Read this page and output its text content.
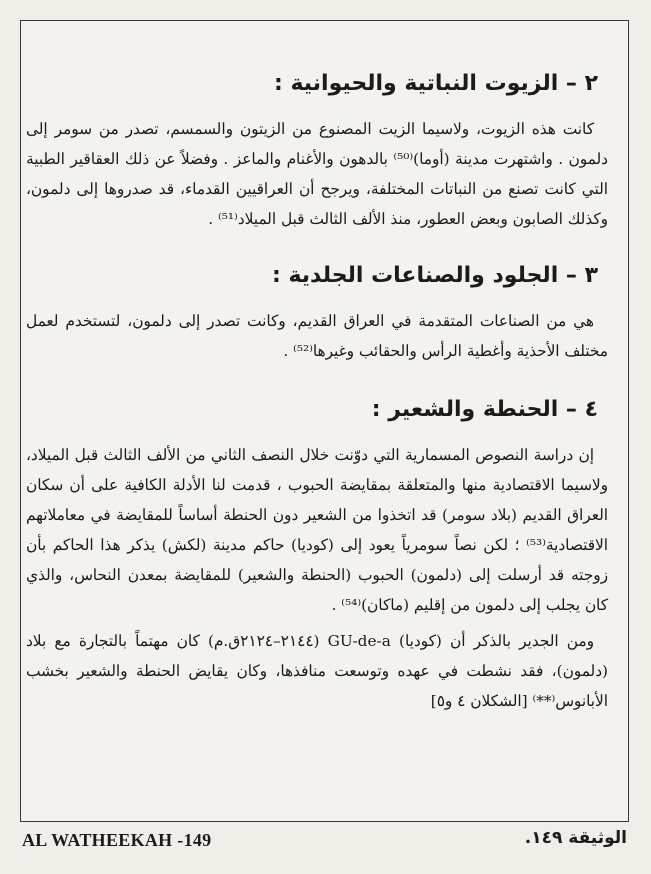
٢ – الزيوت النباتية والحيوانية :

كانت هذه الزيوت، ولاسيما الزيت المصنوع من الزيتون والسمسم، تصدر من سومر إلى دلمون . واشتهرت مدينة (أوما)⁽⁵⁰⁾ بالدهون والأغنام والماعز . وفضلاً عن ذلك العقاقير الطبية التي كانت تصنع من النباتات المختلفة، ويرجح أن العراقيين القدماء، قد صدروها إلى دلمون، وكذلك الصابون وبعض العطور، منذ الألف الثالث قبل الميلاد⁽⁵¹⁾ .

٣ – الجلود والصناعات الجلدية :

هي من الصناعات المتقدمة في العراق القديم، وكانت تصدر إلى دلمون، لتستخدم لعمل مختلف الأحذية وأغطية الرأس والحقائب وغيرها⁽⁵²⁾ .

٤ – الحنطة والشعير :

إن دراسة النصوص المسمارية التي دوّنت خلال النصف الثاني من الألف الثالث قبل الميلاد، ولاسيما الاقتصادية منها والمتعلقة بمقايضة الحبوب ، قدمت لنا الأدلة الكافية على أن سكان العراق القديم (بلاد سومر) قد اتخذوا من الشعير دون الحنطة أساساً للمقايضة في معاملاتهم الاقتصادية⁽⁵³⁾ ؛ لكن نصاً سومرياً يعود إلى (كوديا) حاكم مدينة (لكش) يذكر هذا الحاكم بأن زوجته قد أرسلت إلى (دلمون) الحبوب (الحنطة والشعير) للمقايضة بمعدن النحاس، والذي كان يجلب إلى دلمون من إقليم (ماكان)⁽⁵⁴⁾ .

ومن الجدير بالذكر أن (كوديا) GU-de-a (٢١٤٤–٢١٢٤ق.م) كان مهتماً بالتجارة مع بلاد (دلمون)، فقد نشطت في عهده وتوسعت منافذها، وكان يقايض الحنطة والشعير بخشب الأبانوس⁽**⁾ [الشكلان ٤ و٥]

AL WATHEEKAH -149	الوثيقة ١٤٩.
